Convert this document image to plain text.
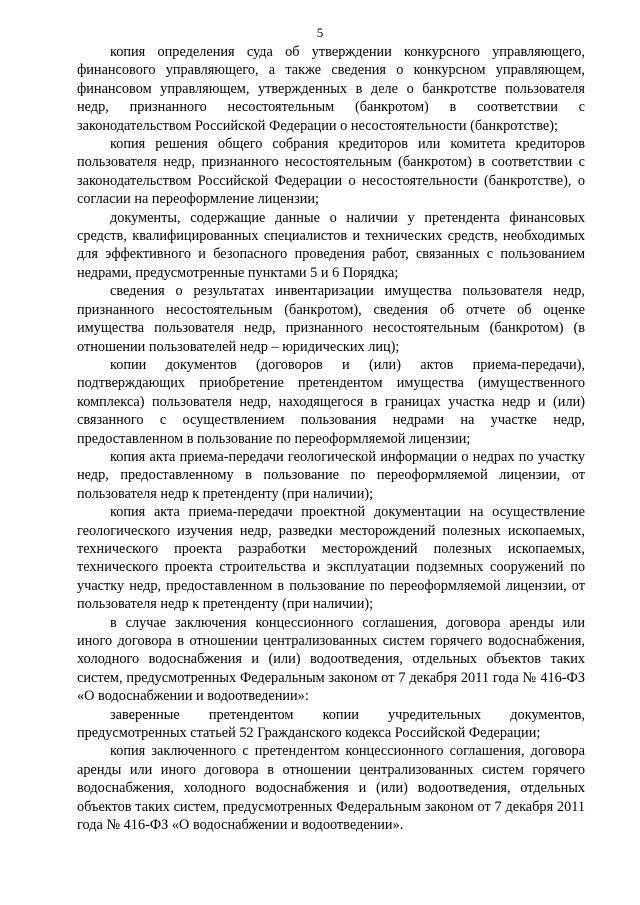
5

копия определения суда об утверждении конкурсного управляющего, финансового управляющего, а также сведения о конкурсном управляющем, финансовом управляющем, утвержденных в деле о банкротстве пользователя недр, признанного несостоятельным (банкротом) в соответствии с законодательством Российской Федерации о несостоятельности (банкротстве);

копия решения общего собрания кредиторов или комитета кредиторов пользователя недр, признанного несостоятельным (банкротом) в соответствии с законодательством Российской Федерации о несостоятельности (банкротстве), о согласии на переоформление лицензии;

документы, содержащие данные о наличии у претендента финансовых средств, квалифицированных специалистов и технических средств, необходимых для эффективного и безопасного проведения работ, связанных с пользованием недрами, предусмотренные пунктами 5 и 6 Порядка;

сведения о результатах инвентаризации имущества пользователя недр, признанного несостоятельным (банкротом), сведения об отчете об оценке имущества пользователя недр, признанного несостоятельным (банкротом) (в отношении пользователей недр – юридических лиц);

копии документов (договоров и (или) актов приема-передачи), подтверждающих приобретение претендентом имущества (имущественного комплекса) пользователя недр, находящегося в границах участка недр и (или) связанного с осуществлением пользования недрами на участке недр, предоставленном в пользование по переоформляемой лицензии;

копия акта приема-передачи геологической информации о недрах по участку недр, предоставленному в пользование по переоформляемой лицензии, от пользователя недр к претенденту (при наличии);

копия акта приема-передачи проектной документации на осуществление геологического изучения недр, разведки месторождений полезных ископаемых, технического проекта разработки месторождений полезных ископаемых, технического проекта строительства и эксплуатации подземных сооружений по участку недр, предоставленном в пользование по переоформляемой лицензии, от пользователя недр к претенденту (при наличии);

в случае заключения концессионного соглашения, договора аренды или иного договора в отношении централизованных систем горячего водоснабжения, холодного водоснабжения и (или) водоотведения, отдельных объектов таких систем, предусмотренных Федеральным законом от 7 декабря 2011 года № 416-ФЗ «О водоснабжении и водоотведении»:

заверенные претендентом копии учредительных документов, предусмотренных статьей 52 Гражданского кодекса Российской Федерации;

копия заключенного с претендентом концессионного соглашения, договора аренды или иного договора в отношении централизованных систем горячего водоснабжения, холодного водоснабжения и (или) водоотведения, отдельных объектов таких систем, предусмотренных Федеральным законом от 7 декабря 2011 года № 416-ФЗ «О водоснабжении и водоотведении».
